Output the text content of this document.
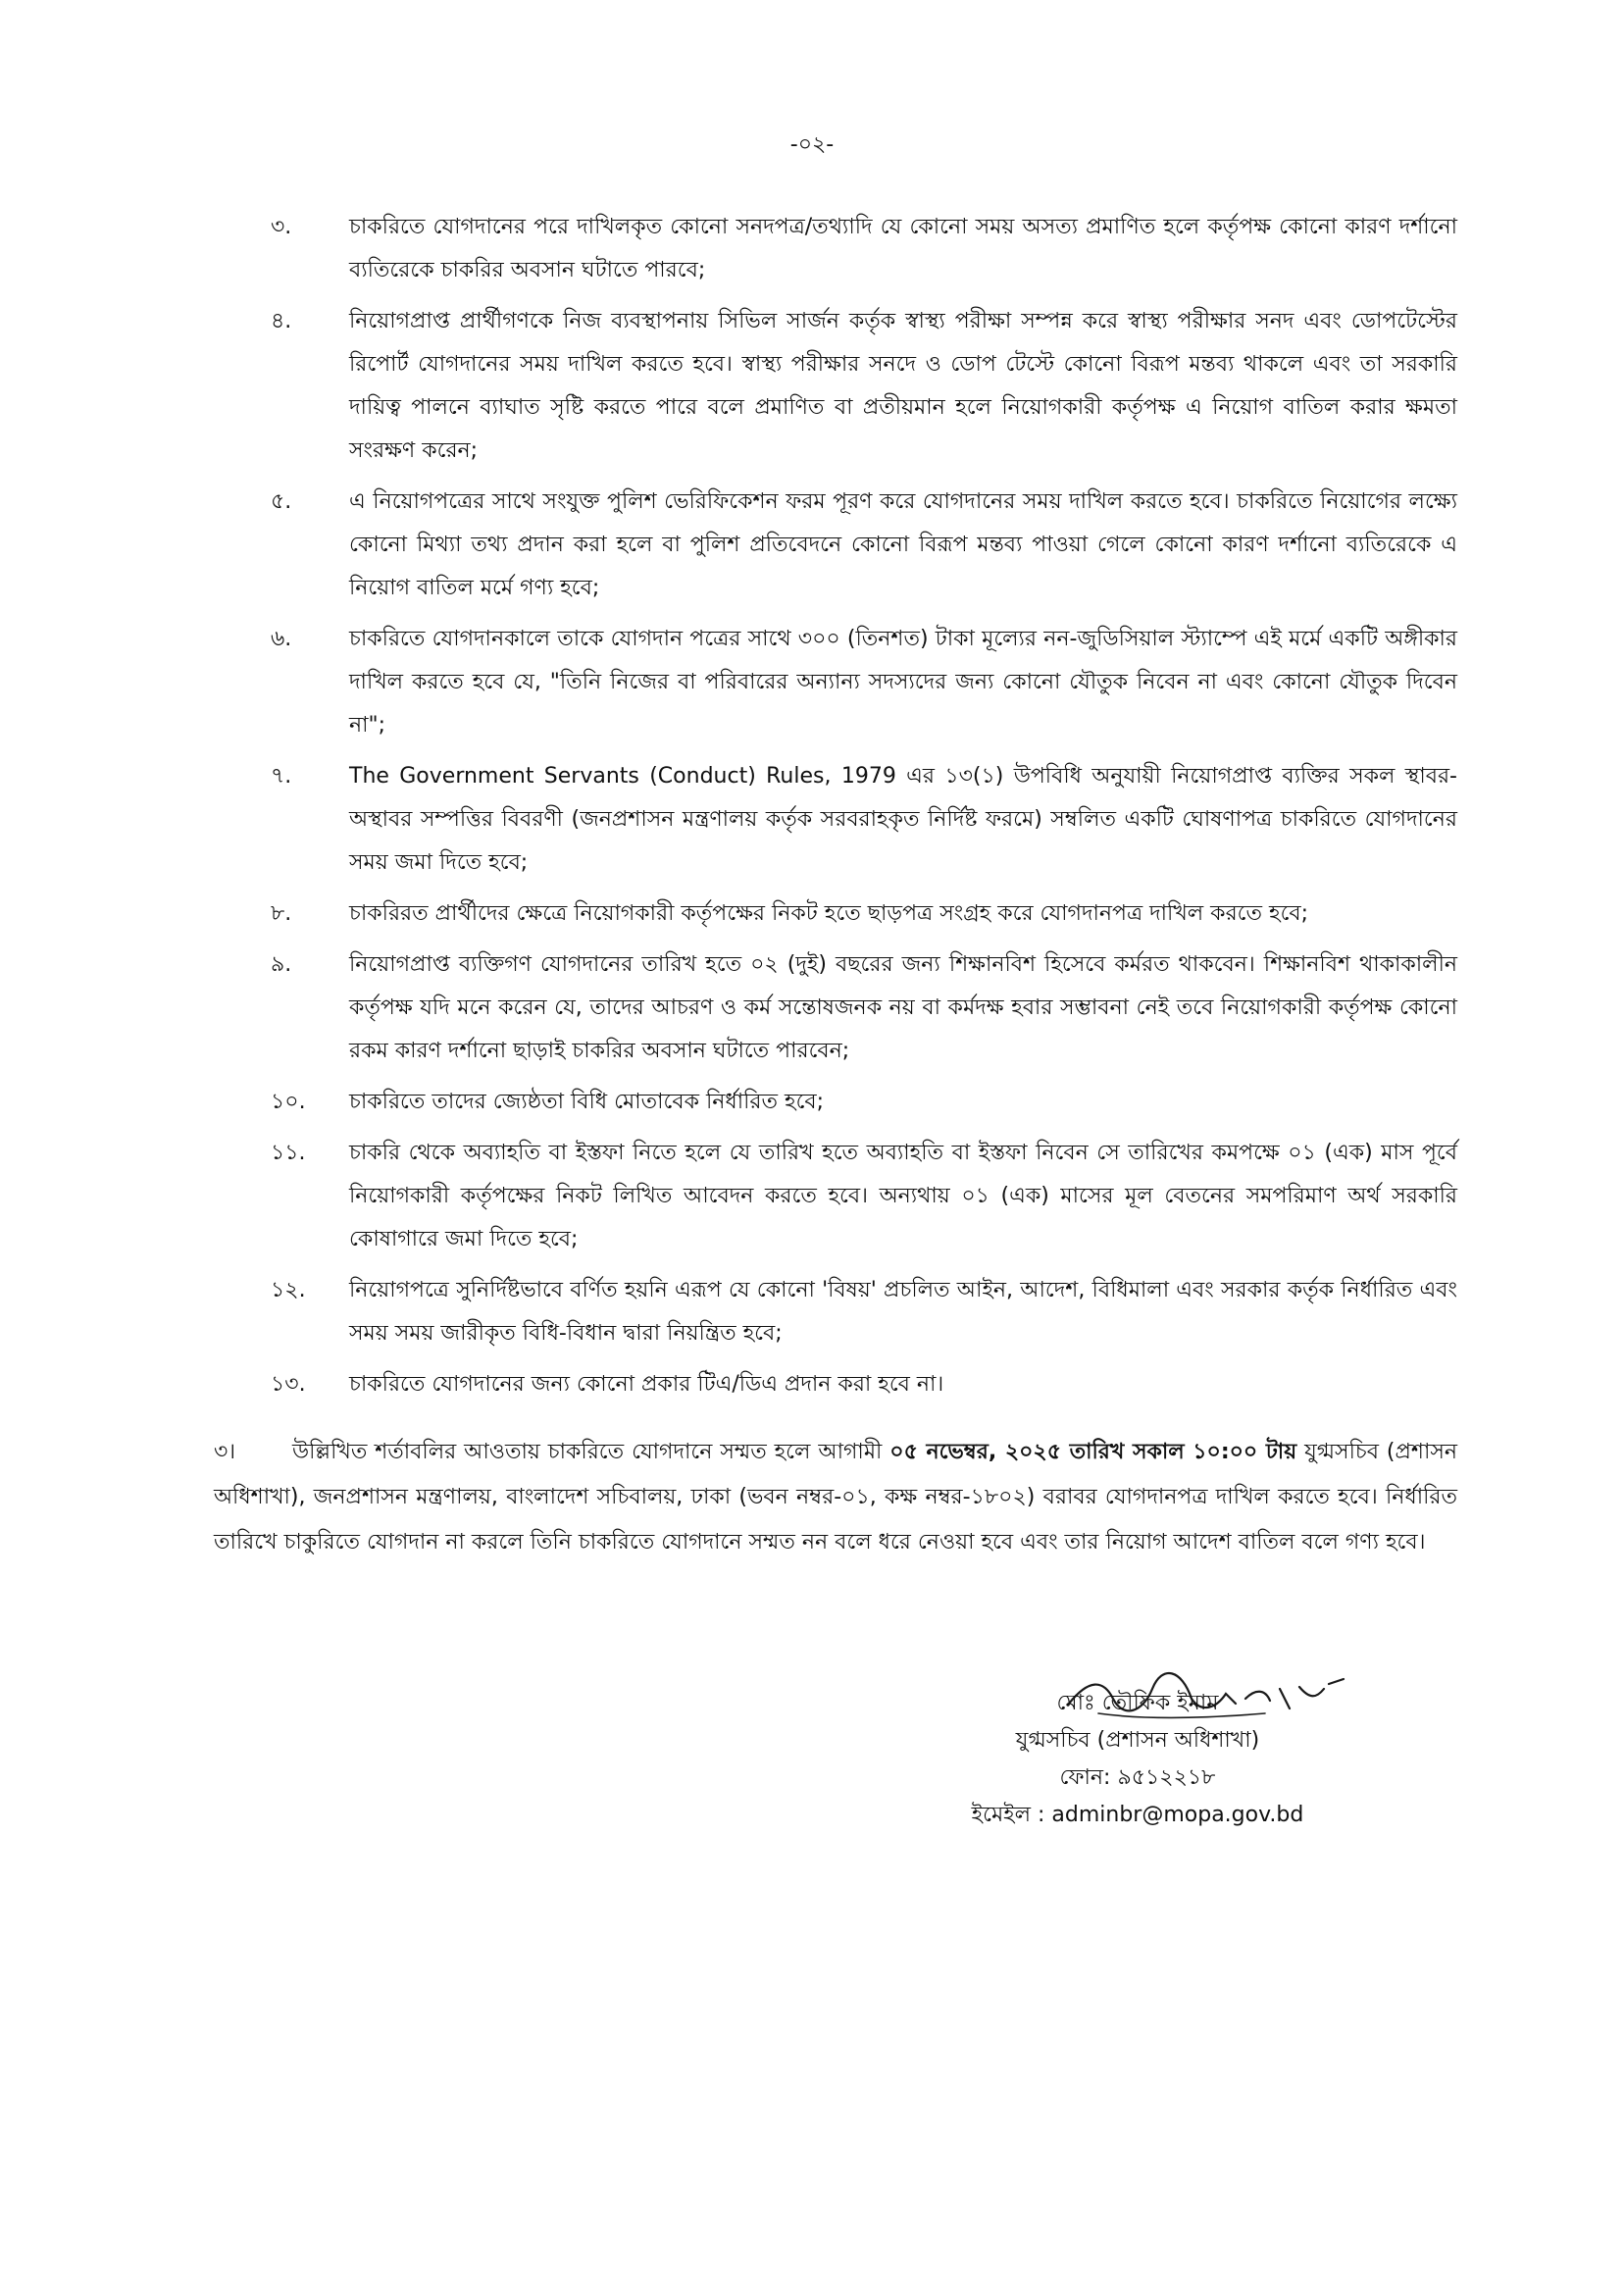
-০২-
৩.	চাকরিতে যোগদানের পরে দাখিলকৃত কোনো সনদপত্র/তথ্যাদি যে কোনো সময় অসত্য প্রমাণিত হলে কর্তৃপক্ষ কোনো কারণ দর্শানো ব্যতিরেকে চাকরির অবসান ঘটাতে পারবে;
৪.	নিয়োগপ্রাপ্ত প্রার্থীগণকে নিজ ব্যবস্থাপনায় সিভিল সার্জন কর্তৃক স্বাস্থ্য পরীক্ষা সম্পন্ন করে স্বাস্থ্য পরীক্ষার সনদ এবং ডোপটেস্টের রিপোর্ট যোগদানের সময় দাখিল করতে হবে। স্বাস্থ্য পরীক্ষার সনদে ও ডোপ টেস্টে কোনো বিরূপ মন্তব্য থাকলে এবং তা সরকারি দায়িত্ব পালনে ব্যাঘাত সৃষ্টি করতে পারে বলে প্রমাণিত বা প্রতীয়মান হলে নিয়োগকারী কর্তৃপক্ষ এ নিয়োগ বাতিল করার ক্ষমতা সংরক্ষণ করেন;
৫.	এ নিয়োগপত্রের সাথে সংযুক্ত পুলিশ ভেরিফিকেশন ফরম পূরণ করে যোগদানের সময় দাখিল করতে হবে। চাকরিতে নিয়োগের লক্ষ্যে কোনো মিথ্যা তথ্য প্রদান করা হলে বা পুলিশ প্রতিবেদনে কোনো বিরূপ মন্তব্য পাওয়া গেলে কোনো কারণ দর্শানো ব্যতিরেকে এ নিয়োগ বাতিল মর্মে গণ্য হবে;
৬.	চাকরিতে যোগদানকালে তাকে যোগদান পত্রের সাথে ৩০০ (তিনশত) টাকা মূল্যের নন-জুডিসিয়াল স্ট্যাম্পে এই মর্মে একটি অঙ্গীকার দাখিল করতে হবে যে, "তিনি নিজের বা পরিবারের অন্যান্য সদস্যদের জন্য কোনো যৌতুক নিবেন না এবং কোনো যৌতুক দিবেন না";
৭.	The Government Servants (Conduct) Rules, 1979 এর ১৩(১) উপবিধি অনুযায়ী নিয়োগপ্রাপ্ত ব্যক্তির সকল স্থাবর-অস্থাবর সম্পত্তির বিবরণী (জনপ্রশাসন মন্ত্রণালয় কর্তৃক সরবরাহকৃত নির্দিষ্ট ফরমে) সম্বলিত একটি ঘোষণাপত্র চাকরিতে যোগদানের সময় জমা দিতে হবে;
৮.	চাকরিরত প্রার্থীদের ক্ষেত্রে নিয়োগকারী কর্তৃপক্ষের নিকট হতে ছাড়পত্র সংগ্রহ করে যোগদানপত্র দাখিল করতে হবে;
৯.	নিয়োগপ্রাপ্ত ব্যক্তিগণ যোগদানের তারিখ হতে ০২ (দুই) বছরের জন্য শিক্ষানবিশ হিসেবে কর্মরত থাকবেন। শিক্ষানবিশ থাকাকালীন কর্তৃপক্ষ যদি মনে করেন যে, তাদের আচরণ ও কর্ম সন্তোষজনক নয় বা কর্মদক্ষ হবার সম্ভাবনা নেই তবে নিয়োগকারী কর্তৃপক্ষ কোনো রকম কারণ দর্শানো ছাড়াই চাকরির অবসান ঘটাতে পারবেন;
১০. চাকরিতে তাদের জ্যেষ্ঠতা বিধি মোতাবেক নির্ধারিত হবে;
১১. চাকরি থেকে অব্যাহতি বা ইস্তফা নিতে হলে যে তারিখ হতে অব্যাহতি বা ইস্তফা নিবেন সে তারিখের কমপক্ষে ০১ (এক) মাস পূর্বে নিয়োগকারী কর্তৃপক্ষের নিকট লিখিত আবেদন করতে হবে। অন্যথায় ০১ (এক) মাসের মূল বেতনের সমপরিমাণ অর্থ সরকারি কোষাগারে জমা দিতে হবে;
১২. নিয়োগপত্রে সুনির্দিষ্টভাবে বর্ণিত হয়নি এরূপ যে কোনো 'বিষয়' প্রচলিত আইন, আদেশ, বিধিমালা এবং সরকার কর্তৃক নির্ধারিত এবং সময় সময় জারীকৃত বিধি-বিধান দ্বারা নিয়ন্ত্রিত হবে;
১৩. চাকরিতে যোগদানের জন্য কোনো প্রকার টিএ/ডিএ প্রদান করা হবে না।
৩।	উল্লিখিত শর্তাবলির আওতায় চাকরিতে যোগদানে সম্মত হলে আগামী ০৫ নভেম্বর, ২০২৫ তারিখ সকাল ১০:০০ টায় যুগ্মসচিব (প্রশাসন অধিশাখা), জনপ্রশাসন মন্ত্রণালয়, বাংলাদেশ সচিবালয়, ঢাকা (ভবন নম্বর-০১, কক্ষ নম্বর-১৮০২) বরাবর যোগদানপত্র দাখিল করতে হবে। নির্ধারিত তারিখে চাকুরিতে যোগদান না করলে তিনি চাকরিতে যোগদানে সম্মত নন বলে ধরে নেওয়া হবে এবং তার নিয়োগ আদেশ বাতিল বলে গণ্য হবে।
মোঃ তৌফিক ইমাম
যুগ্মসচিব (প্রশাসন অধিশাখা)
ফোন: ৯৫১২২১৮
ইমেইল : adminbr@mopa.gov.bd
